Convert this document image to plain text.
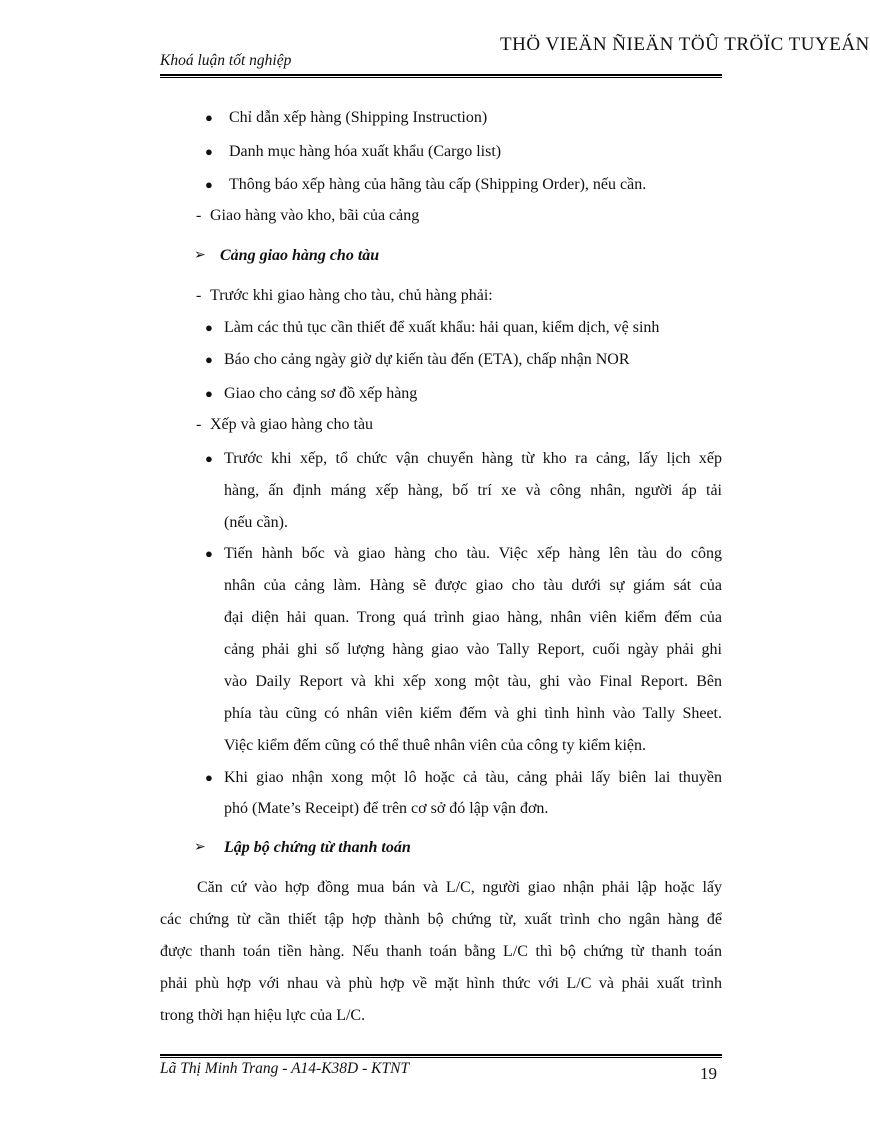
THÖ VIEÄN ÑIEÄN TÖÛ TRÖÏC TUYEÁN
Khoá luận tốt nghiệp
● Chỉ dẫn xếp hàng (Shipping Instruction)
● Danh mục hàng hóa xuất khẩu (Cargo list)
● Thông báo xếp hàng của hãng tàu cấp (Shipping Order), nếu cần.
- Giao hàng vào kho, bãi của cảng
➢ Cảng giao hàng cho tàu
- Trước khi giao hàng cho tàu, chủ hàng phải:
● Làm các thủ tục cần thiết để xuất khẩu: hải quan, kiểm dịch, vệ sinh
● Báo cho cảng ngày giờ dự kiến tàu đến (ETA), chấp nhận NOR
● Giao cho cảng sơ đồ xếp hàng
- Xếp và giao hàng cho tàu
● Trước khi xếp, tổ chức vận chuyển hàng từ kho ra cảng, lấy lịch xếp
hàng, ấn định máng xếp hàng, bố trí xe và công nhân, người áp tải
(nếu cần).
● Tiến hành bốc và giao hàng cho tàu. Việc xếp hàng lên tàu do công
nhân của cảng làm. Hàng sẽ được giao cho tàu dưới sự giám sát của
đại diện hải quan. Trong quá trình giao hàng, nhân viên kiểm đếm của
cảng phải ghi số lượng hàng giao vào Tally Report, cuối ngày phải ghi
vào Daily Report và khi xếp xong một tàu, ghi vào Final Report. Bên
phía tàu cũng có nhân viên kiểm đếm và ghi tình hình vào Tally Sheet.
Việc kiểm đếm cũng có thể thuê nhân viên của công ty kiểm kiện.
● Khi giao nhận xong một lô hoặc cả tàu, cảng phải lấy biên lai thuyền
phó (Mate’s Receipt) để trên cơ sở đó lập vận đơn.
➢ Lập bộ chứng từ thanh toán
Căn cứ vào hợp đồng mua bán và L/C, người giao nhận phải lập hoặc lấy
các chứng từ cần thiết tập hợp thành bộ chứng từ, xuất trình cho ngân hàng để
được thanh toán tiền hàng. Nếu thanh toán bằng L/C thì bộ chứng từ thanh toán
phải phù hợp với nhau và phù hợp về mặt hình thức với L/C và phải xuất trình
trong thời hạn hiệu lực của L/C.
Lã Thị Minh Trang - A14-K38D - KTNT	19
